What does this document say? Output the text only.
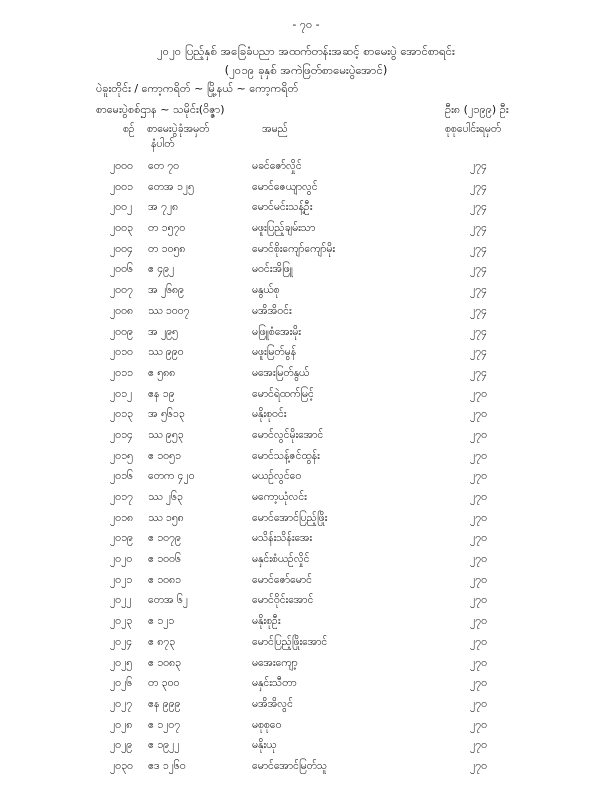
- ၇၀ -
၂၀၂၀ ပြည့်နှစ် အခြေခံပညာ အထက်တန်းအဆင့် စာမေးပွဲ အောင်စာရင်း
(၂၀၁၉ ခုနှစ် အကဲဖြတ်စာမေးပွဲအောင်)
ပဲခူးတိုင်း / ကော့ကရိတ် ~ မြို့နယ် ~ ကော့ကရိတ်
စာမေးပွဲစစ်ဌာန ~ သမိုင်း(ဝိဇ္ဇာ)	ဦး၈ (၂၁၉၉) ဦး
စဉ် စာမေးပွဲခုံအမှတ်
နံပါတ်
အမည်	စုစုပေါင်းရမှတ်
၂၀၀၀ တေ ၇၀	မခင်ဇော်လှိုင်	၂၇၄
၂၀၀၁ တေအ ၁၂၅	မောင်ဇေယျာလွင်	၂၇၄
၂၀၀၂ အ ၇၂၈	မောင်မင်းသန့်ဦး	၂၇၄
၂၀၀၃ တ ၁၅၇၀	မဖူးပြည့်ချမ်းသာ	၂၇၄
၂၀၀၄ တ ၁၀၅၈	မောင်စိုးကျော်ကျော်မိုး	၂၇၄
၂၀၀၆ ဧ ၄၉၂	မဝင်းအိဖြူ	၂၇၄
၂၀၀၇ အ ၂၆၈၉	မနွယ်စု	၂၇၄
၂၀၀၈ ဿ ၁၀၀၇	မအိအိဝင်း	၂၇၄
၂၀၀၉ အ ၂၉၅	မဖြူစံအေးမိုး	၂၇၄
၂၀၁၀ ဿ ၉၉၀	မဖူးမြတ်မွန်	၂၇၄
၂၀၁၁ ဧ ၅၈၈	မအေးမြတ်နွယ်	၂၇၄
၂၀၁၂ ဧန ၁၉	မောင်ရဲထက်မြင့်	၂၇၀
၂၀၁၃ အ ၅၆၁၃	မနိုးစုဝင်း	၂၇၀
၂၀၁၄ ဿ ၉၅၃	မောင်လွင်မိုးအောင်	၂၇၀
၂၀၁၅ ဧ ၁၀၅၁	မောင်သန့်ဇင်ထွန်း	၂၇၀
၂၀၁၆ တေက ၄၂၀	မယဉ်လွင်ဝေ	၂၇၀
၂၀၁၇ ဿ ၂၆၃	မကော့ယုံလင်း	၂၇၀
၂၀၁၈ ဿ ၁၅၈	မောင်အောင်ပြည့်ဖြိုး	၂၇၀
၂၀၁၉ ဧ ၁၀၇၉	မသိန်းသိန်းအေး	၂၇၀
၂၀၂၀ ဧ ၁၀၀၆	မနှင်းစံယဉ်လှိုင်	၂၇၀
၂၀၂၁ ဧ ၁၀၈၁	မောင်ဇော်မောင်	၂၇၀
၂၀၂၂ တေအ ၆၂	မောင်ဝိုင်းအောင်	၂၇၀
၂၀၂၃ ဧ ၁၂၁	မနိုးစုဦး	၂၇၀
၂၀၂၄ ဧ ၈၇၃	မောင်ပြည့်ဖြိုးအောင်	၂၇၀
၂၀၂၅ ဧ ၁၀၈၃	မအေးကျော့	၂၇၀
၂၀၂၆ တ ၃၀၀	မနှင်းသီတာ	၂၇၀
၂၀၂၇ ဧန ၉၉၉	မအိအိလွင်	၂၇၀
၂၀၂၈ ဧ ၁၂၀၇	မစုစုဝေ	၂၇၀
၂၀၂၉ ဧ ၁၉၂၂	မနိုးယု	၂၇၀
၂၀၃၀ ဧဒ ၁၂၆၀	မောင်အောင်မြတ်သူ	၂၇၀
